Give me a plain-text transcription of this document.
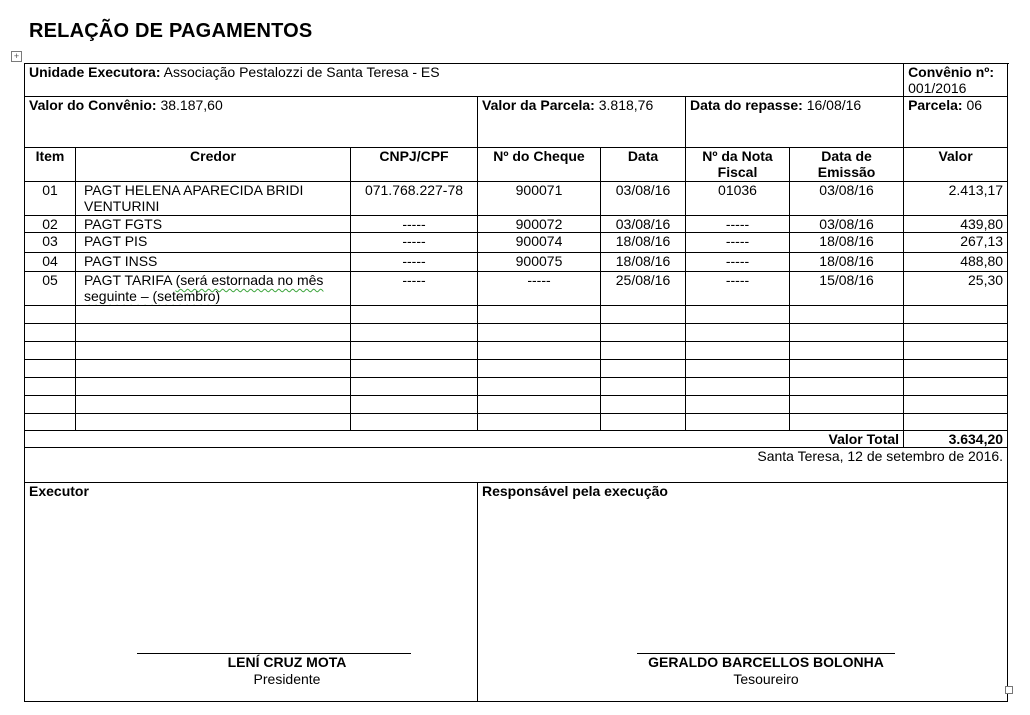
RELAÇÃO DE PAGAMENTOS
+
Unidade Executora: Associação Pestalozzi de Santa Teresa - ES							Convênio nº: 001/2016
Valor do Convênio: 38.187,60			Valor da Parcela: 3.818,76		Data do repasse: 16/08/16		Parcela: 06
Item	Credor	CNPJ/CPF	Nº do Cheque	Data	Nº da Nota Fiscal	Data de Emissão	Valor
01	PAGT HELENA APARECIDA BRIDI VENTURINI	071.768.227-78	900071	03/08/16	01036	03/08/16	2.413,17
02	PAGT FGTS	-----	900072	03/08/16	-----	03/08/16	439,80
03	PAGT PIS	-----	900074	18/08/16	-----	18/08/16	267,13
04	PAGT INSS	-----	900075	18/08/16	-----	18/08/16	488,80
05	PAGT TARIFA (será estornada no mês seguinte – (setembro)	-----	-----	25/08/16	-----	15/08/16	25,30

Valor Total							3.634,20
Santa Teresa, 12 de setembro de 2016.							
Executor			Responsável pela execução				
LENÍ CRUZ MOTA
Presidente
GERALDO BARCELLOS BOLONHA
Tesoureiro
